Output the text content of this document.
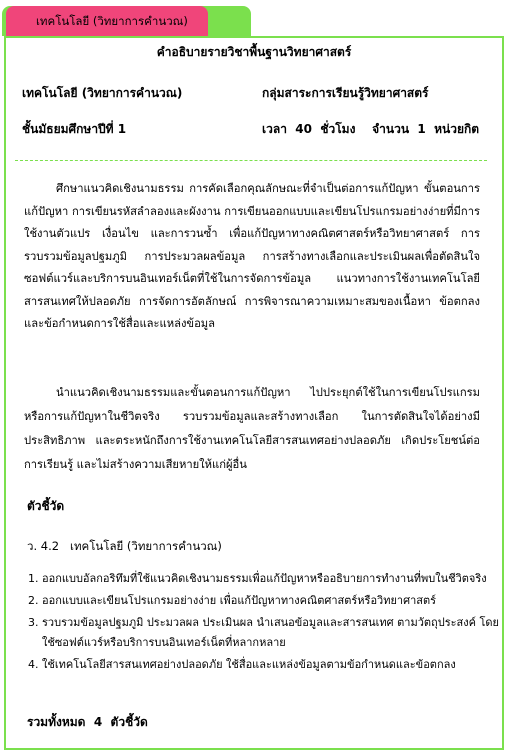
เทคโนโลยี (วิทยาการคำนวณ)
คำอธิบายรายวิชาพื้นฐานวิทยาศาสตร์
เทคโนโลยี (วิทยาการคำนวณ)	กลุ่มสาระการเรียนรู้วิทยาศาสตร์
ชั้นมัธยมศึกษาปีที่ 1	เวลา  40  ชั่วโมง    จำนวน  1  หน่วยกิต
ศึกษาแนวคิดเชิงนามธรรม การคัดเลือกคุณลักษณะที่จำเป็นต่อการแก้ปัญหา ขั้นตอนการแก้ปัญหา การเขียนรหัสลำลองและผังงาน การเขียนออกแบบและเขียนโปรแกรมอย่างง่ายที่มีการใช้งานตัวแปร เงื่อนไข และการวนซ้ำ เพื่อแก้ปัญหาทางคณิตศาสตร์หรือวิทยาศาสตร์ การรวบรวมข้อมูลปฐมภูมิ การประมวลผลข้อมูล การสร้างทางเลือกและประเมินผลเพื่อตัดสินใจ ซอฟต์แวร์และบริการบนอินเทอร์เน็ตที่ใช้ในการจัดการข้อมูล แนวทางการใช้งานเทคโนโลยีสารสนเทศให้ปลอดภัย การจัดการอัตลักษณ์ การพิจารณาความเหมาะสมของเนื้อหา ข้อตกลงและข้อกำหนดการใช้สื่อและแหล่งข้อมูล
นำแนวคิดเชิงนามธรรมและขั้นตอนการแก้ปัญหา ไปประยุกต์ใช้ในการเขียนโปรแกรม หรือการแก้ปัญหาในชีวิตจริง รวบรวมข้อมูลและสร้างทางเลือก ในการตัดสินใจได้อย่างมีประสิทธิภาพ และตระหนักถึงการใช้งานเทคโนโลยีสารสนเทศอย่างปลอดภัย เกิดประโยชน์ต่อการเรียนรู้ และไม่สร้างความเสียหายให้แก่ผู้อื่น
ตัวชี้วัด
ว. 4.2   เทคโนโลยี (วิทยาการคำนวณ)
1. ออกแบบอัลกอริทึมที่ใช้แนวคิดเชิงนามธรรมเพื่อแก้ปัญหาหรืออธิบายการทำงานที่พบในชีวิตจริง
2. ออกแบบและเขียนโปรแกรมอย่างง่าย เพื่อแก้ปัญหาทางคณิตศาสตร์หรือวิทยาศาสตร์
3. รวบรวมข้อมูลปฐมภูมิ ประมวลผล ประเมินผล นำเสนอข้อมูลและสารสนเทศ ตามวัตถุประสงค์ โดยใช้ซอฟต์แวร์หรือบริการบนอินเทอร์เน็ตที่หลากหลาย
4. ใช้เทคโนโลยีสารสนเทศอย่างปลอดภัย ใช้สื่อและแหล่งข้อมูลตามข้อกำหนดและข้อตกลง
รวมทั้งหมด  4  ตัวชี้วัด
